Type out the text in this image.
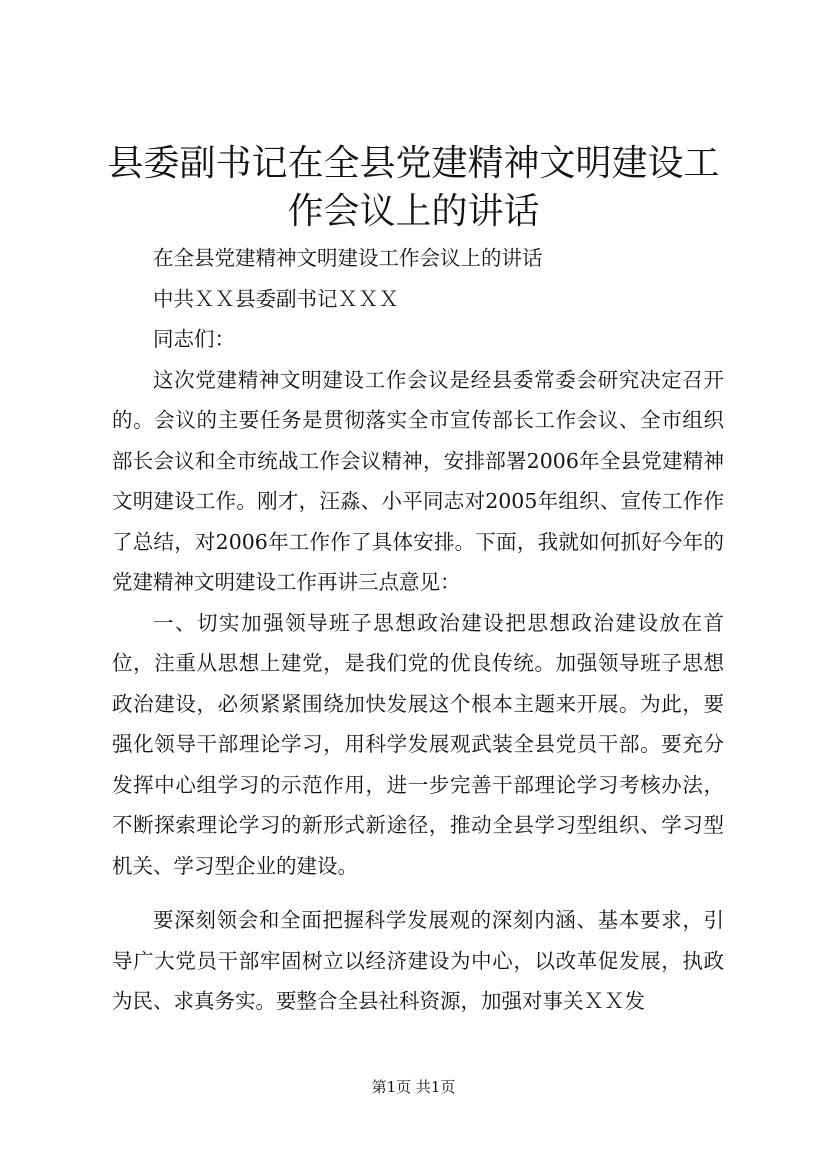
县委副书记在全县党建精神文明建设工作会议上的讲话

在全县党建精神文明建设工作会议上的讲话

中共ＸＸ县委副书记ＸＸＸ

同志们：

这次党建精神文明建设工作会议是经县委常委会研究决定召开的。会议的主要任务是贯彻落实全市宣传部长工作会议、全市组织部长会议和全市统战工作会议精神，安排部署2006年全县党建精神文明建设工作。刚才，汪淼、小平同志对2005年组织、宣传工作作了总结，对2006年工作作了具体安排。下面，我就如何抓好今年的党建精神文明建设工作再讲三点意见：

一、切实加强领导班子思想政治建设把思想政治建设放在首位，注重从思想上建党，是我们党的优良传统。加强领导班子思想政治建设，必须紧紧围绕加快发展这个根本主题来开展。为此，要强化领导干部理论学习，用科学发展观武装全县党员干部。要充分发挥中心组学习的示范作用，进一步完善干部理论学习考核办法，不断探索理论学习的新形式新途径，推动全县学习型组织、学习型机关、学习型企业的建设。

要深刻领会和全面把握科学发展观的深刻内涵、基本要求，引导广大党员干部牢固树立以经济建设为中心，以改革促发展，执政为民、求真务实。要整合全县社科资源，加强对事关ＸＸ发

第1页 共1页
